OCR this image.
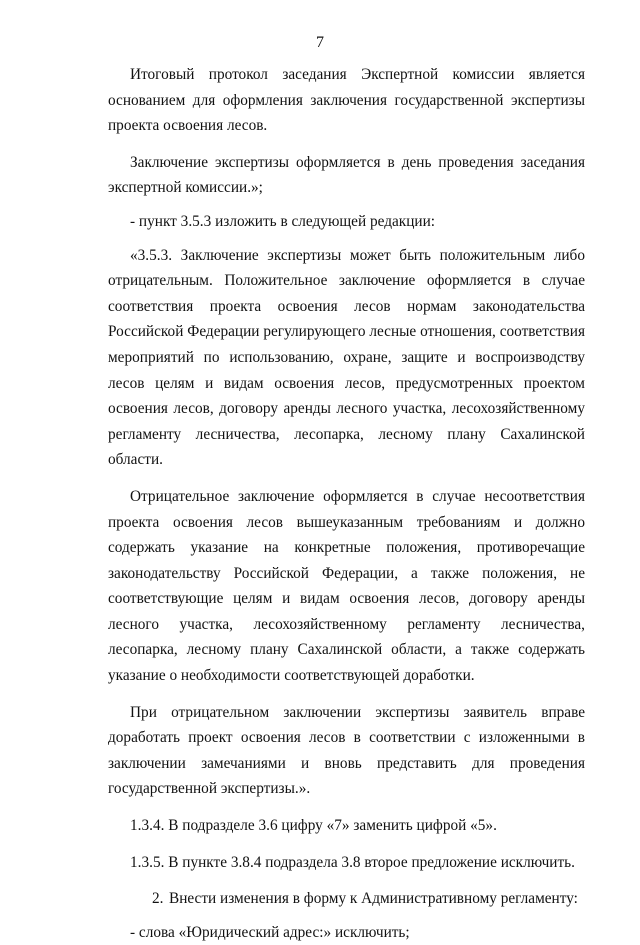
7

Итоговый протокол заседания Экспертной комиссии является основанием для оформления заключения государственной экспертизы проекта освоения лесов.

Заключение экспертизы оформляется в день проведения заседания экспертной комиссии.»;

- пункт 3.5.3 изложить в следующей редакции:

«3.5.3. Заключение экспертизы может быть положительным либо отрицательным. Положительное заключение оформляется в случае соответствия проекта освоения лесов нормам законодательства Российской Федерации регулирующего лесные отношения, соответствия мероприятий по использованию, охране, защите и воспроизводству лесов целям и видам освоения лесов, предусмотренных проектом освоения лесов, договору аренды лесного участка, лесохозяйственному регламенту лесничества, лесопарка, лесному плану Сахалинской области.

Отрицательное заключение оформляется в случае несоответствия проекта освоения лесов вышеуказанным требованиям и должно содержать указание на конкретные положения, противоречащие законодательству Российской Федерации, а также положения, не соответствующие целям и видам освоения лесов, договору аренды лесного участка, лесохозяйственному регламенту лесничества, лесопарка, лесному плану Сахалинской области, а также содержать указание о необходимости соответствующей доработки.

При отрицательном заключении экспертизы заявитель вправе доработать проект освоения лесов в соответствии с изложенными в заключении замечаниями и вновь представить для проведения государственной экспертизы.».

1.3.4. В подразделе 3.6 цифру «7» заменить цифрой «5».

1.3.5. В пункте 3.8.4 подраздела 3.8 второе предложение исключить.

2. Внести изменения в форму к Административному регламенту:

- слова «Юридический адрес:» исключить;
